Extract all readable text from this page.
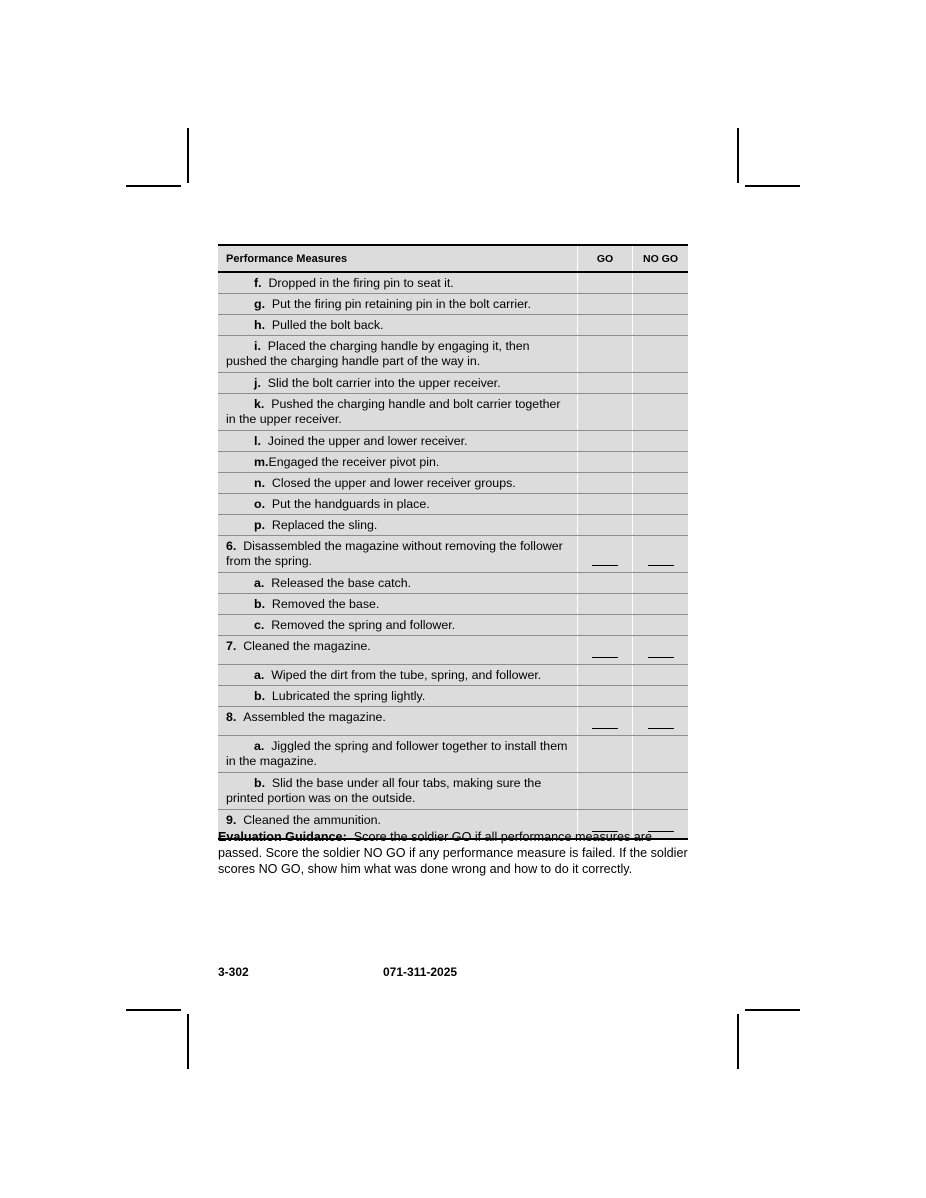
Performance Measures	GO	NO GO
f. Dropped in the firing pin to seat it.
g. Put the firing pin retaining pin in the bolt carrier.
h. Pulled the bolt back.
i. Placed the charging handle by engaging it, then pushed the charging handle part of the way in.
j. Slid the bolt carrier into the upper receiver.
k. Pushed the charging handle and bolt carrier together in the upper receiver.
l. Joined the upper and lower receiver.
m.Engaged the receiver pivot pin.
n. Closed the upper and lower receiver groups.
o. Put the handguards in place.
p. Replaced the sling.
6. Disassembled the magazine without removing the follower from the spring.
a. Released the base catch.
b. Removed the base.
c. Removed the spring and follower.
7. Cleaned the magazine.
a. Wiped the dirt from the tube, spring, and follower.
b. Lubricated the spring lightly.
8. Assembled the magazine.
a. Jiggled the spring and follower together to install them in the magazine.
b. Slid the base under all four tabs, making sure the printed portion was on the outside.
9. Cleaned the ammunition.
Evaluation Guidance: Score the soldier GO if all performance measures are passed. Score the soldier NO GO if any performance measure is failed. If the soldier scores NO GO, show him what was done wrong and how to do it correctly.
3-302	071-311-2025
